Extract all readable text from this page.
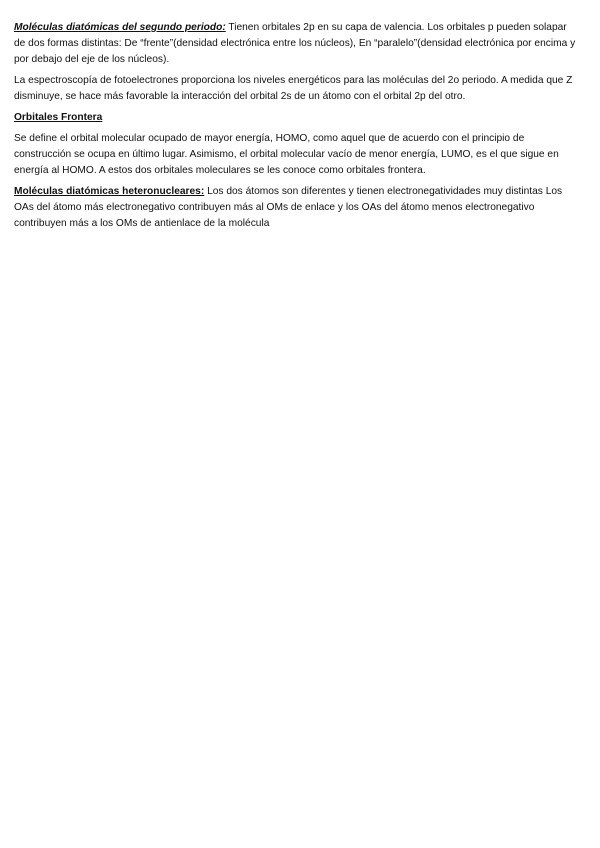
Moléculas diatómicas del segundo periodo: Tienen orbitales 2p en su capa de valencia. Los orbitales p pueden solapar de dos formas distintas: De “frente”(densidad electrónica entre los núcleos), En “paralelo”(densidad electrónica por encima y por debajo del eje de los núcleos).

La espectroscopía de fotoelectrones proporciona los niveles energéticos para las moléculas del 2o periodo. A medida que Z disminuye, se hace más favorable la interacción del orbital 2s de un átomo con el orbital 2p del otro.

Orbitales Frontera

Se define el orbital molecular ocupado de mayor energía, HOMO, como aquel que de acuerdo con el principio de construcción se ocupa en último lugar. Asimismo, el orbital molecular vacío de menor energía, LUMO, es el que sigue en energía al HOMO. A estos dos orbitales moleculares se les conoce como orbitales frontera.

Moléculas diatómicas heteronucleares: Los dos átomos son diferentes y tienen electronegatividades muy distintas Los OAs del átomo más electronegativo contribuyen más al OMs de enlace y los OAs del átomo menos electronegativo contribuyen más a los OMs de antienlace de la molécula
